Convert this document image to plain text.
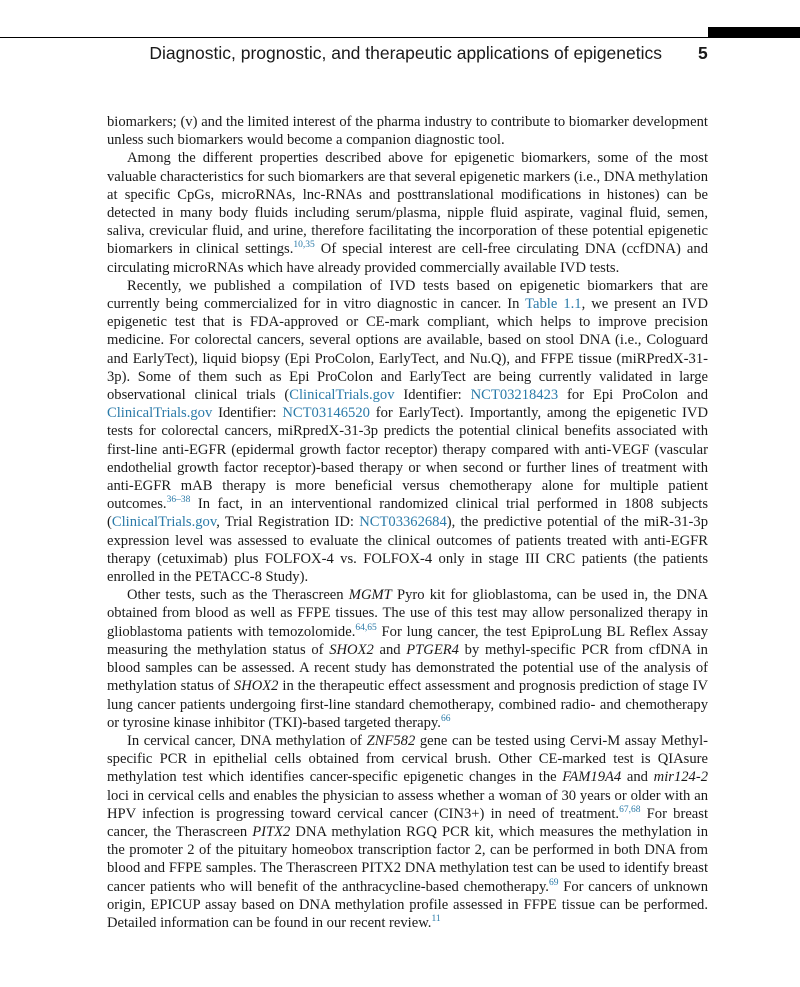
Diagnostic, prognostic, and therapeutic applications of epigenetics 5

biomarkers; (v) and the limited interest of the pharma industry to contribute to biomarker development unless such biomarkers would become a companion diagnostic tool.

Among the different properties described above for epigenetic biomarkers, some of the most valuable characteristics for such biomarkers are that several epigenetic markers (i.e., DNA methylation at specific CpGs, microRNAs, lnc-RNAs and posttranslational modifications in histones) can be detected in many body fluids including serum/plasma, nipple fluid aspirate, vaginal fluid, semen, saliva, crevicular fluid, and urine, therefore facilitating the incorporation of these potential epigenetic biomarkers in clinical settings.$^{10,35}$ Of special interest are cell-free circulating DNA (ccfDNA) and circulating microRNAs which have already provided commercially available IVD tests.

Recently, we published a compilation of IVD tests based on epigenetic biomarkers that are currently being commercialized for in vitro diagnostic in cancer. In Table 1.1, we present an IVD epigenetic test that is FDA-approved or CE-mark compliant, which helps to improve precision medicine. For colorectal cancers, several options are available, based on stool DNA (i.e., Cologuard and EarlyTect), liquid biopsy (Epi ProColon, EarlyTect, and Nu.Q), and FFPE tissue (miRPredX-31-3p). Some of them such as Epi ProColon and EarlyTect are being currently validated in large observational clinical trials (ClinicalTrials.gov Identifier: NCT03218423 for Epi ProColon and ClinicalTrials.gov Identifier: NCT03146520 for EarlyTect). Importantly, among the epigenetic IVD tests for colorectal cancers, miRpredX-31-3p predicts the potential clinical benefits associated with first-line anti-EGFR (epidermal growth factor receptor) therapy compared with anti-VEGF (vascular endothelial growth factor receptor)-based therapy or when second or further lines of treatment with anti-EGFR mAB therapy is more beneficial versus chemotherapy alone for multiple patient outcomes.$^{36-38}$ In fact, in an interventional randomized clinical trial performed in 1808 subjects (ClinicalTrials.gov, Trial Registration ID: NCT03362684), the predictive potential of the miR-31-3p expression level was assessed to evaluate the clinical outcomes of patients treated with anti-EGFR therapy (cetuximab) plus FOLFOX-4 vs. FOLFOX-4 only in stage III CRC patients (the patients enrolled in the PETACC-8 Study).

Other tests, such as the Therascreen MGMT Pyro kit for glioblastoma, can be used in, the DNA obtained from blood as well as FFPE tissues. The use of this test may allow personalized therapy in glioblastoma patients with temozolomide.$^{64,65}$ For lung cancer, the test EpiproLung BL Reflex Assay measuring the methylation status of SHOX2 and PTGER4 by methyl-specific PCR from cfDNA in blood samples can be assessed. A recent study has demonstrated the potential use of the analysis of methylation status of SHOX2 in the therapeutic effect assessment and prognosis prediction of stage IV lung cancer patients undergoing first-line standard chemotherapy, combined radio- and chemotherapy or tyrosine kinase inhibitor (TKI)-based targeted therapy.$^{66}$

In cervical cancer, DNA methylation of ZNF582 gene can be tested using Cervi-M assay Methyl-specific PCR in epithelial cells obtained from cervical brush. Other CE-marked test is QIAsure methylation test which identifies cancer-specific epigenetic changes in the FAM19A4 and mir124-2 loci in cervical cells and enables the physician to assess whether a woman of 30 years or older with an HPV infection is progressing toward cervical cancer (CIN3+) in need of treatment.$^{67,68}$ For breast cancer, the Therascreen PITX2 DNA methylation RGQ PCR kit, which measures the methylation in the promoter 2 of the pituitary homeobox transcription factor 2, can be performed in both DNA from blood and FFPE samples. The Therascreen PITX2 DNA methylation test can be used to identify breast cancer patients who will benefit of the anthracycline-based chemotherapy.$^{69}$ For cancers of unknown origin, EPICUP assay based on DNA methylation profile assessed in FFPE tissue can be performed. Detailed information can be found in our recent review.$^{11}$
